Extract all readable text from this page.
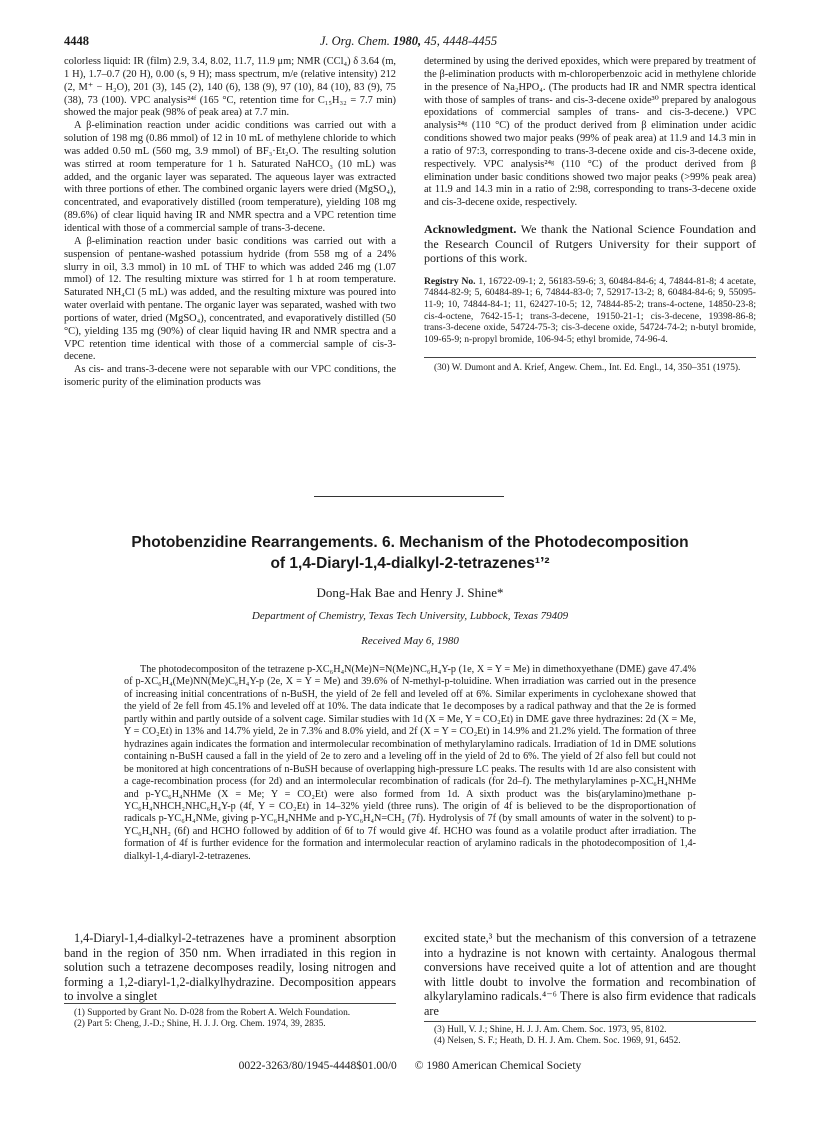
4448	J. Org. Chem. 1980, 45, 4448-4455

colorless liquid: IR (film) 2.9, 3.4, 8.02, 11.7, 11.9 μm; NMR (CCl₄) δ 3.64 (m, 1 H), 1.7–0.7 (20 H), 0.00 (s, 9 H); mass spectrum, m/e (relative intensity) 212 (2, M⁺ − H₂O), 201 (3), 145 (2), 140 (6), 138 (9), 97 (10), 84 (10), 83 (9), 75 (38), 73 (100). VPC analysis²⁴ᶠ (165 °C, retention time for C₁₅H₃₂ = 7.7 min) showed the major peak (98% of peak area) at 7.7 min.

A β-elimination reaction under acidic conditions was carried out with a solution of 198 mg (0.86 mmol) of 12 in 10 mL of methylene chloride to which was added 0.50 mL (560 mg, 3.9 mmol) of BF₃·Et₂O. The resulting solution was stirred at room temperature for 1 h. Saturated NaHCO₃ (10 mL) was added, and the organic layer was separated. The aqueous layer was extracted with three portions of ether. The combined organic layers were dried (MgSO₄), concentrated, and evaporatively distilled (room temperature), yielding 108 mg (89.6%) of clear liquid having IR and NMR spectra and a VPC retention time identical with those of a commercial sample of trans-3-decene.

A β-elimination reaction under basic conditions was carried out with a suspension of pentane-washed potassium hydride (from 558 mg of a 24% slurry in oil, 3.3 mmol) in 10 mL of THF to which was added 246 mg (1.07 mmol) of 12. The resulting mixture was stirred for 1 h at room temperature. Saturated NH₄Cl (5 mL) was added, and the resulting mixture was poured into water overlaid with pentane. The organic layer was separated, washed with two portions of water, dried (MgSO₄), concentrated, and evaporatively distilled (50 °C), yielding 135 mg (90%) of clear liquid having IR and NMR spectra and a VPC retention time identical with those of a commercial sample of cis-3-decene.

As cis- and trans-3-decene were not separable with our VPC conditions, the isomeric purity of the elimination products was

determined by using the derived epoxides, which were prepared by treatment of the β-elimination products with m-chloroperbenzoic acid in methylene chloride in the presence of Na₂HPO₄. (The products had IR and NMR spectra identical with those of samples of trans- and cis-3-decene oxide³⁰ prepared by analogous epoxidations of commercial samples of trans- and cis-3-decene.) VPC analysis²⁴ᵍ (110 °C) of the product derived from β elimination under acidic conditions showed two major peaks (99% of peak area) at 11.9 and 14.3 min in a ratio of 97:3, corresponding to trans-3-decene oxide and cis-3-decene oxide, respectively. VPC analysis²⁴ᵍ (110 °C) of the product derived from β elimination under basic conditions showed two major peaks (>99% peak area) at 11.9 and 14.3 min in a ratio of 2:98, corresponding to trans-3-decene oxide and cis-3-decene oxide, respectively.

Acknowledgment. We thank the National Science Foundation and the Research Council of Rutgers University for their support of portions of this work.

Registry No. 1, 16722-09-1; 2, 56183-59-6; 3, 60484-84-6; 4, 74844-81-8; 4 acetate, 74844-82-9; 5, 60484-89-1; 6, 74844-83-0; 7, 52917-13-2; 8, 60484-84-6; 9, 55095-11-9; 10, 74844-84-1; 11, 62427-10-5; 12, 74844-85-2; trans-4-octene, 14850-23-8; cis-4-octene, 7642-15-1; trans-3-decene, 19150-21-1; cis-3-decene, 19398-86-8; trans-3-decene oxide, 54724-75-3; cis-3-decene oxide, 54724-74-2; n-butyl bromide, 109-65-9; n-propyl bromide, 106-94-5; ethyl bromide, 74-96-4.

(30) W. Dumont and A. Krief, Angew. Chem., Int. Ed. Engl., 14, 350–351 (1975).

Photobenzidine Rearrangements. 6. Mechanism of the Photodecomposition
of 1,4-Diaryl-1,4-dialkyl-2-tetrazenes¹ʼ²
Dong-Hak Bae and Henry J. Shine*
Department of Chemistry, Texas Tech University, Lubbock, Texas 79409
Received May 6, 1980

The photodecompositon of the tetrazene p-XC₆H₄N(Me)N=N(Me)NC₆H₄Y-p (1e, X = Y = Me) in dimethoxyethane (DME) gave 47.4% of p-XC₆H₄(Me)NN(Me)C₆H₄Y-p (2e, X = Y = Me) and 39.6% of N-methyl-p-toluidine. When irradiation was carried out in the presence of increasing initial concentrations of n-BuSH, the yield of 2e fell and leveled off at 6%. Similar experiments in cyclohexane showed that the yield of 2e fell from 45.1% and leveled off at 10%. The data indicate that 1e decomposes by a radical pathway and that the 2e is formed partly within and partly outside of a solvent cage. Similar studies with 1d (X = Me, Y = CO₂Et) in DME gave three hydrazines: 2d (X = Me, Y = CO₂Et) in 13% and 14.7% yield, 2e in 7.3% and 8.0% yield, and 2f (X = Y = CO₂Et) in 14.9% and 21.2% yield. The formation of three hydrazines again indicates the formation and intermolecular recombination of methylarylamino radicals. Irradiation of 1d in DME solutions containing n-BuSH caused a fall in the yield of 2e to zero and a leveling off in the yield of 2d to 6%. The yield of 2f also fell but could not be monitored at high concentrations of n-BuSH because of overlapping high-pressure LC peaks. The results with 1d are also consistent with a cage-recombination process (for 2d) and an intermolecular recombination of radicals (for 2d–f). The methylarylamines p-XC₆H₄NHMe and p-YC₆H₄NHMe (X = Me; Y = CO₂Et) were also formed from 1d. A sixth product was the bis(arylamino)methane p-YC₆H₄NHCH₂NHC₆H₄Y-p (4f, Y = CO₂Et) in 14–32% yield (three runs). The origin of 4f is believed to be the disproportionation of radicals p-YC₆H₄NMe, giving p-YC₆H₄NHMe and p-YC₆H₄N=CH₂ (7f). Hydrolysis of 7f (by small amounts of water in the solvent) to p-YC₆H₄NH₂ (6f) and HCHO followed by addition of 6f to 7f would give 4f. HCHO was found as a volatile product after irradiation. The formation of 4f is further evidence for the formation and intermolecular reaction of arylamino radicals in the photodecomposition of 1,4-dialkyl-1,4-diaryl-2-tetrazenes.

1,4-Diaryl-1,4-dialkyl-2-tetrazenes have a prominent absorption band in the region of 350 nm. When irradiated in this region in solution such a tetrazene decomposes readily, losing nitrogen and forming a 1,2-diaryl-1,2-dialkylhydrazine. Decomposition appears to involve a singlet

excited state,³ but the mechanism of this conversion of a tetrazene into a hydrazine is not known with certainty. Analogous thermal conversions have received quite a lot of attention and are thought with little doubt to involve the formation and recombination of alkylarylamino radicals.⁴⁻⁶ There is also firm evidence that radicals are

(1) Supported by Grant No. D-028 from the Robert A. Welch Foundation.

(2) Part 5: Cheng, J.-D.; Shine, H. J. J. Org. Chem. 1974, 39, 2835.

(3) Hull, V. J.; Shine, H. J. J. Am. Chem. Soc. 1973, 95, 8102.

(4) Nelsen, S. F.; Heath, D. H. J. Am. Chem. Soc. 1969, 91, 6452.

0022-3263/80/1945-4448$01.00/0 © 1980 American Chemical Society
